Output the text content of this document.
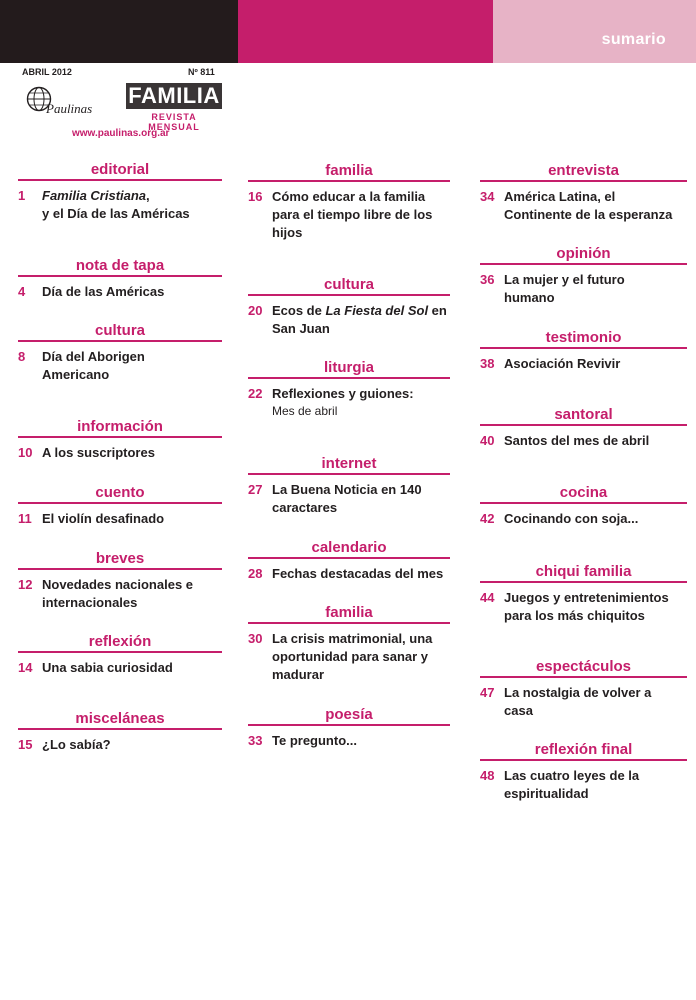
sumario
ABRIL 2012	Nº 811
Paulinas
FAMILIA
REVISTA MENSUAL
www.paulinas.org.ar
editorial
1	Familia Cristiana,
y el Día de las Américas
nota de tapa
4	Día de las Américas
cultura
8	Día del Aborigen
Americano
información
10 A los suscriptores
cuento
11 El violín desafinado
breves
12 Novedades nacionales e
internacionales
reflexión
14 Una sabia curiosidad
misceláneas
15 ¿Lo sabía?
familia
16 Cómo educar a la familia
para el tiempo libre de los
hijos
cultura
20 Ecos de La Fiesta del Sol en
San Juan
liturgia
22 Reflexiones y guiones:
Mes de abril
internet
27 La Buena Noticia en 140
caractares
calendario
28 Fechas destacadas del mes
familia
30 La crisis matrimonial, una
oportunidad para sanar y
madurar
poesía
33 Te pregunto...
entrevista
34 América Latina, el
Continente de la esperanza
opinión
36 La mujer y el futuro
humano
testimonio
38 Asociación Revivir
santoral
40 Santos del mes de abril
cocina
42 Cocinando con soja...
chiqui familia
44 Juegos y entretenimientos
para los más chiquitos
espectáculos
47 La nostalgia de volver a
casa
reflexión final
48 Las cuatro leyes de la
espiritualidad
